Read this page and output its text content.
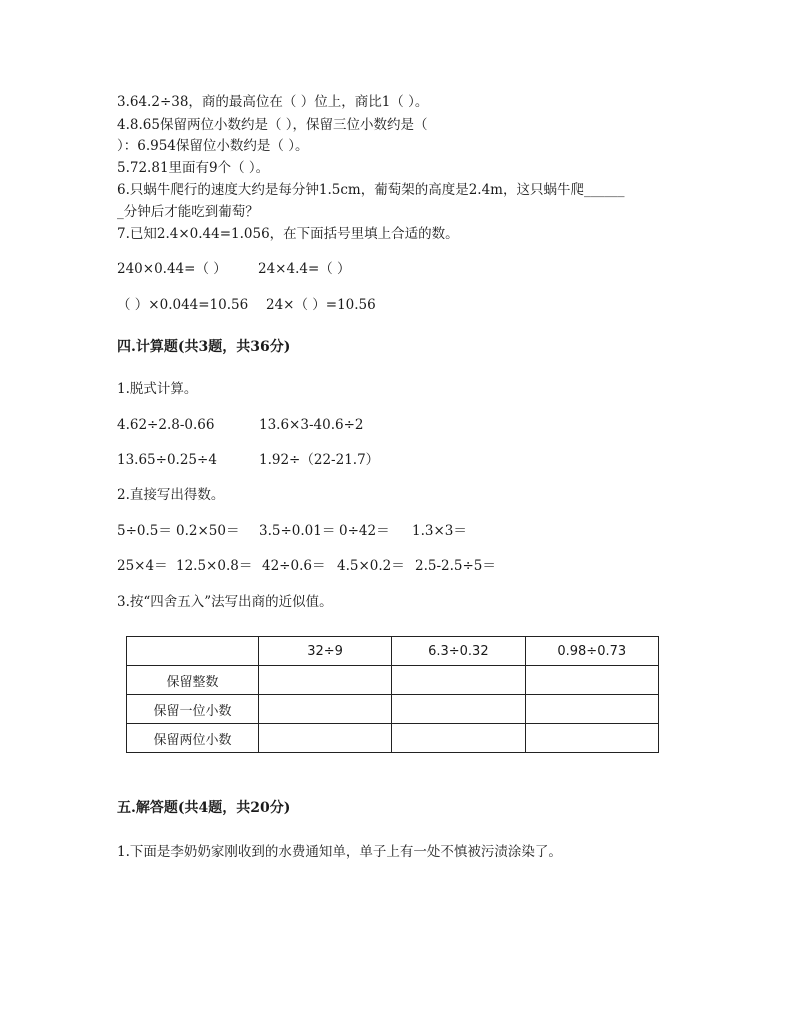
3.64.2÷38，商的最高位在（ ）位上，商比1（ ）。
4.8.65保留两位小数约是（ ），保留三位小数约是（
）：6.954保留位小数约是（ ）。
5.72.81里面有9个（ ）。
6.只蜗牛爬行的速度大约是每分钟1.5cm，葡萄架的高度是2.4m，这只蜗牛爬______
_分钟后才能吃到葡萄？
7.已知2.4×0.44=1.056，在下面括号里填上合适的数。
240×0.44=（ ） 24×4.4=（ ）
（ ）×0.044=10.56 24×（ ）=10.56
四.计算题(共3题，共36分)
1.脱式计算。
4.62÷2.8-0.66	13.6×3-40.6÷2
13.65÷0.25÷4	1.92÷（22-21.7）
2.直接写出得数。
5÷0.5＝ 0.2×50＝ 3.5÷0.01＝ 0÷42＝ 1.3×3＝
25×4＝ 12.5×0.8＝ 42÷0.6＝ 4.5×0.2＝ 2.5-2.5÷5＝
3.按“四舍五入”法写出商的近似值。
	32÷9	6.3÷0.32	0.98÷0.73
保留整数			
保留一位小数			
保留两位小数			
五.解答题(共4题，共20分)
1.下面是李奶奶家刚收到的水费通知单，单子上有一处不慎被污渍涂染了。
